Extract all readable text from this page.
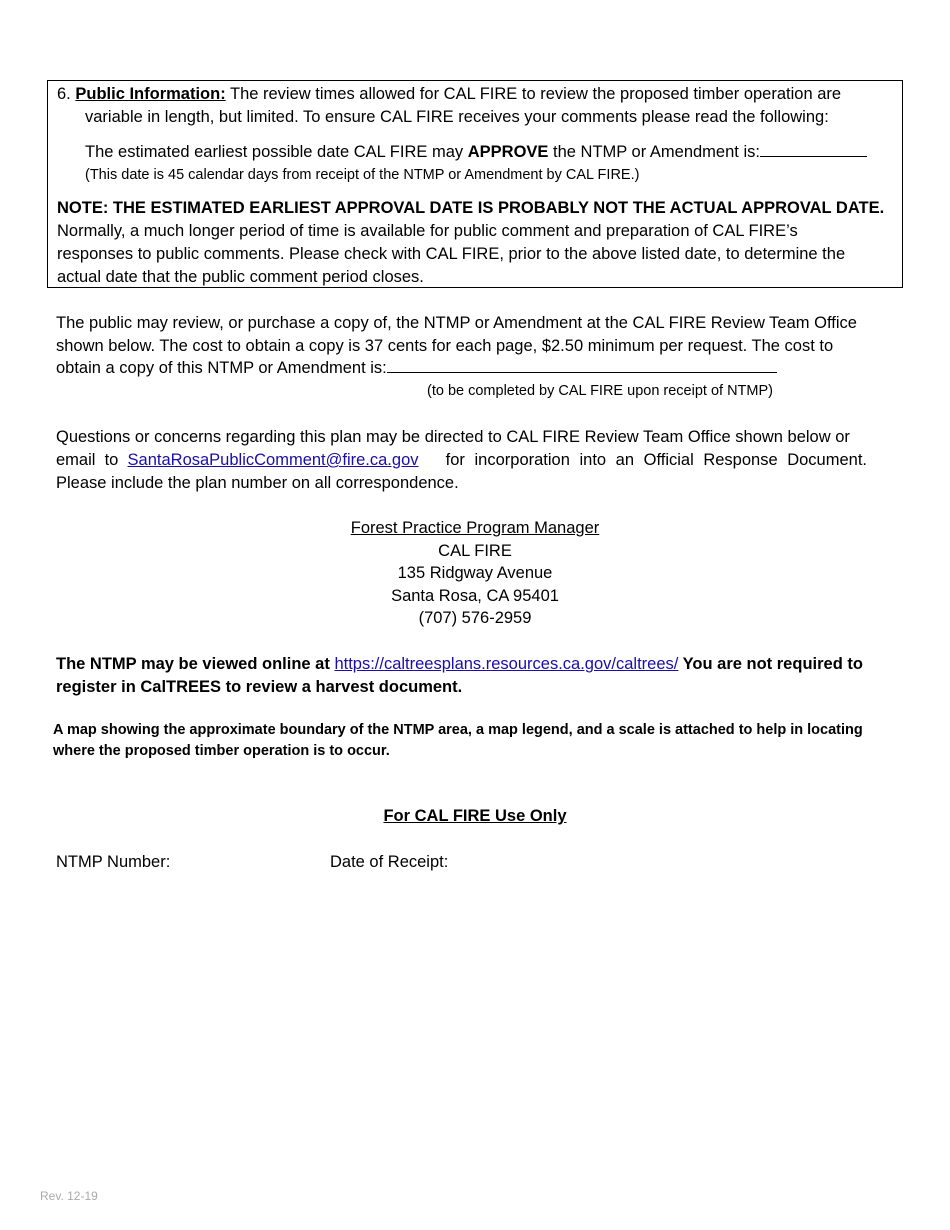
6. Public Information: The review times allowed for CAL FIRE to review the proposed timber operation are
variable in length, but limited. To ensure CAL FIRE receives your comments please read the following:
The estimated earliest possible date CAL FIRE may APPROVE the NTMP or Amendment is:
(This date is 45 calendar days from receipt of the NTMP or Amendment by CAL FIRE.)
NOTE: THE ESTIMATED EARLIEST APPROVAL DATE IS PROBABLY NOT THE ACTUAL APPROVAL DATE.
Normally, a much longer period of time is available for public comment and preparation of CAL FIRE’s
responses to public comments. Please check with CAL FIRE, prior to the above listed date, to determine the
actual date that the public comment period closes.
The public may review, or purchase a copy of, the NTMP or Amendment at the CAL FIRE Review Team Office
shown below. The cost to obtain a copy is 37 cents for each page, $2.50 minimum per request. The cost to
obtain a copy of this NTMP or Amendment is:
(to be completed by CAL FIRE upon receipt of NTMP)
Questions or concerns regarding this plan may be directed to CAL FIRE Review Team Office shown below or
email  to  SantaRosaPublicComment@fire.ca.gov for incorporation into an Official Response Document.
Please include the plan number on all correspondence.
Forest Practice Program Manager
CAL FIRE
135 Ridgway Avenue
Santa Rosa, CA 95401
(707) 576-2959
The NTMP may be viewed online at https://caltreesplans.resources.ca.gov/caltrees/ You are not required to
register in CalTREES to review a harvest document.
A map showing the approximate boundary of the NTMP area, a map legend, and a scale is attached to help in locating
where the proposed timber operation is to occur.
For CAL FIRE Use Only
NTMP Number:	Date of Receipt:
Rev. 12-19
